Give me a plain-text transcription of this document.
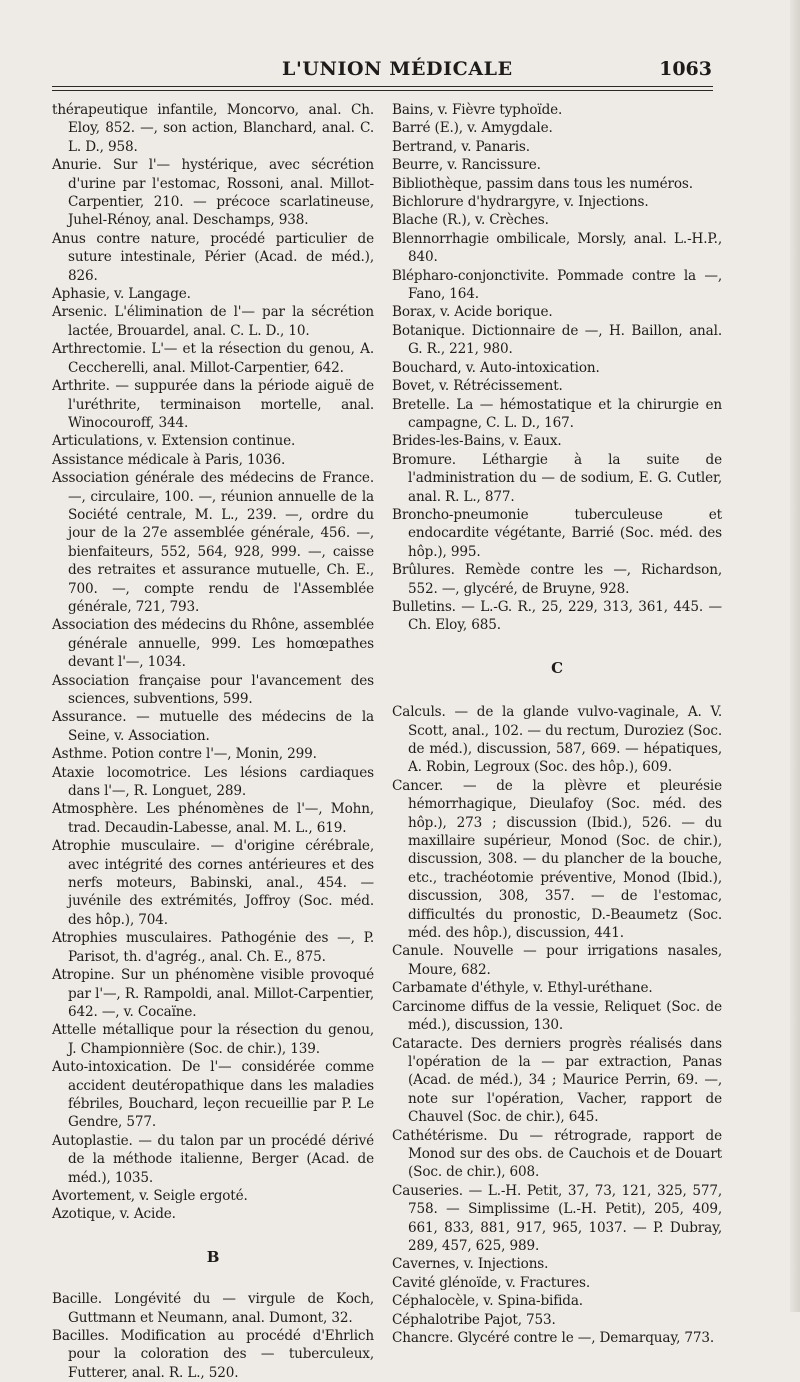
L'UNION MÉDICALE	1063

thérapeutique infantile, Moncorvo, anal. Ch. Eloy, 852. —, son action, Blanchard, anal. C. L. D., 958.

Anurie. Sur l'— hystérique, avec sécrétion d'urine par l'estomac, Rossoni, anal. Millot-Carpentier, 210. — précoce scarlatineuse, Juhel-Rénoy, anal. Deschamps, 938.

Anus contre nature, procédé particulier de suture intestinale, Périer (Acad. de méd.), 826.

Aphasie, v. Langage.

Arsenic. L'élimination de l'— par la sécrétion lactée, Brouardel, anal. C. L. D., 10.

Arthrectomie. L'— et la résection du genou, A. Ceccherelli, anal. Millot-Carpentier, 642.

Arthrite. — suppurée dans la période aiguë de l'uréthrite, terminaison mortelle, anal. Winocouroff, 344.

Articulations, v. Extension continue.

Assistance médicale à Paris, 1036.

Association générale des médecins de France. —, circulaire, 100. —, réunion annuelle de la Société centrale, M. L., 239. —, ordre du jour de la 27e assemblée générale, 456. —, bienfaiteurs, 552, 564, 928, 999. —, caisse des retraites et assurance mutuelle, Ch. E., 700. —, compte rendu de l'Assemblée générale, 721, 793.

Association des médecins du Rhône, assemblée générale annuelle, 999. Les homœpathes devant l'—, 1034.

Association française pour l'avancement des sciences, subventions, 599.

Assurance. — mutuelle des médecins de la Seine, v. Association.

Asthme. Potion contre l'—, Monin, 299.

Ataxie locomotrice. Les lésions cardiaques dans l'—, R. Longuet, 289.

Atmosphère. Les phénomènes de l'—, Mohn, trad. Decaudin-Labesse, anal. M. L., 619.

Atrophie musculaire. — d'origine cérébrale, avec intégrité des cornes antérieures et des nerfs moteurs, Babinski, anal., 454. — juvénile des extrémités, Joffroy (Soc. méd. des hôp.), 704.

Atrophies musculaires. Pathogénie des —, P. Parisot, th. d'agrég., anal. Ch. E., 875.

Atropine. Sur un phénomène visible provoqué par l'—, R. Rampoldi, anal. Millot-Carpentier, 642. —, v. Cocaïne.

Attelle métallique pour la résection du genou, J. Championnière (Soc. de chir.), 139.

Auto-intoxication. De l'— considérée comme accident deutéropathique dans les maladies fébriles, Bouchard, leçon recueillie par P. Le Gendre, 577.

Autoplastie. — du talon par un procédé dérivé de la méthode italienne, Berger (Acad. de méd.), 1035.

Avortement, v. Seigle ergoté.

Azotique, v. Acide.

B

Bacille. Longévité du — virgule de Koch, Guttmann et Neumann, anal. Dumont, 32.

Bacilles. Modification au procédé d'Ehrlich pour la coloration des — tuberculeux, Futterer, anal. R. L., 520.

Bains, v. Fièvre typhoïde.

Barré (E.), v. Amygdale.

Bertrand, v. Panaris.

Beurre, v. Rancissure.

Bibliothèque, passim dans tous les numéros.

Bichlorure d'hydrargyre, v. Injections.

Blache (R.), v. Crèches.

Blennorrhagie ombilicale, Morsly, anal. L.-H.P., 840.

Blépharo-conjonctivite. Pommade contre la —, Fano, 164.

Borax, v. Acide borique.

Botanique. Dictionnaire de —, H. Baillon, anal. G. R., 221, 980.

Bouchard, v. Auto-intoxication.

Bovet, v. Rétrécissement.

Bretelle. La — hémostatique et la chirurgie en campagne, C. L. D., 167.

Brides-les-Bains, v. Eaux.

Bromure. Léthargie à la suite de l'administration du — de sodium, E. G. Cutler, anal. R. L., 877.

Broncho-pneumonie tuberculeuse et endocardite végétante, Barrié (Soc. méd. des hôp.), 995.

Brûlures. Remède contre les —, Richardson, 552. —, glycéré, de Bruyne, 928.

Bulletins. — L.-G. R., 25, 229, 313, 361, 445. — Ch. Eloy, 685.

C

Calculs. — de la glande vulvo-vaginale, A. V. Scott, anal., 102. — du rectum, Duroziez (Soc. de méd.), discussion, 587, 669. — hépatiques, A. Robin, Legroux (Soc. des hôp.), 609.

Cancer. — de la plèvre et pleurésie hémorrhagique, Dieulafoy (Soc. méd. des hôp.), 273 ; discussion (Ibid.), 526. — du maxillaire supérieur, Monod (Soc. de chir.), discussion, 308. — du plancher de la bouche, etc., trachéotomie préventive, Monod (Ibid.), discussion, 308, 357. — de l'estomac, difficultés du pronostic, D.-Beaumetz (Soc. méd. des hôp.), discussion, 441.

Canule. Nouvelle — pour irrigations nasales, Moure, 682.

Carbamate d'éthyle, v. Ethyl-uréthane.

Carcinome diffus de la vessie, Reliquet (Soc. de méd.), discussion, 130.

Cataracte. Des derniers progrès réalisés dans l'opération de la — par extraction, Panas (Acad. de méd.), 34 ; Maurice Perrin, 69. —, note sur l'opération, Vacher, rapport de Chauvel (Soc. de chir.), 645.

Cathétérisme. Du — rétrograde, rapport de Monod sur des obs. de Cauchois et de Douart (Soc. de chir.), 608.

Causeries. — L.-H. Petit, 37, 73, 121, 325, 577, 758. — Simplissime (L.-H. Petit), 205, 409, 661, 833, 881, 917, 965, 1037. — P. Dubray, 289, 457, 625, 989.

Cavernes, v. Injections.

Cavité glénoïde, v. Fractures.

Céphalocèle, v. Spina-bifida.

Céphalotribe Pajot, 753.

Chancre. Glycéré contre le —, Demarquay, 773.
